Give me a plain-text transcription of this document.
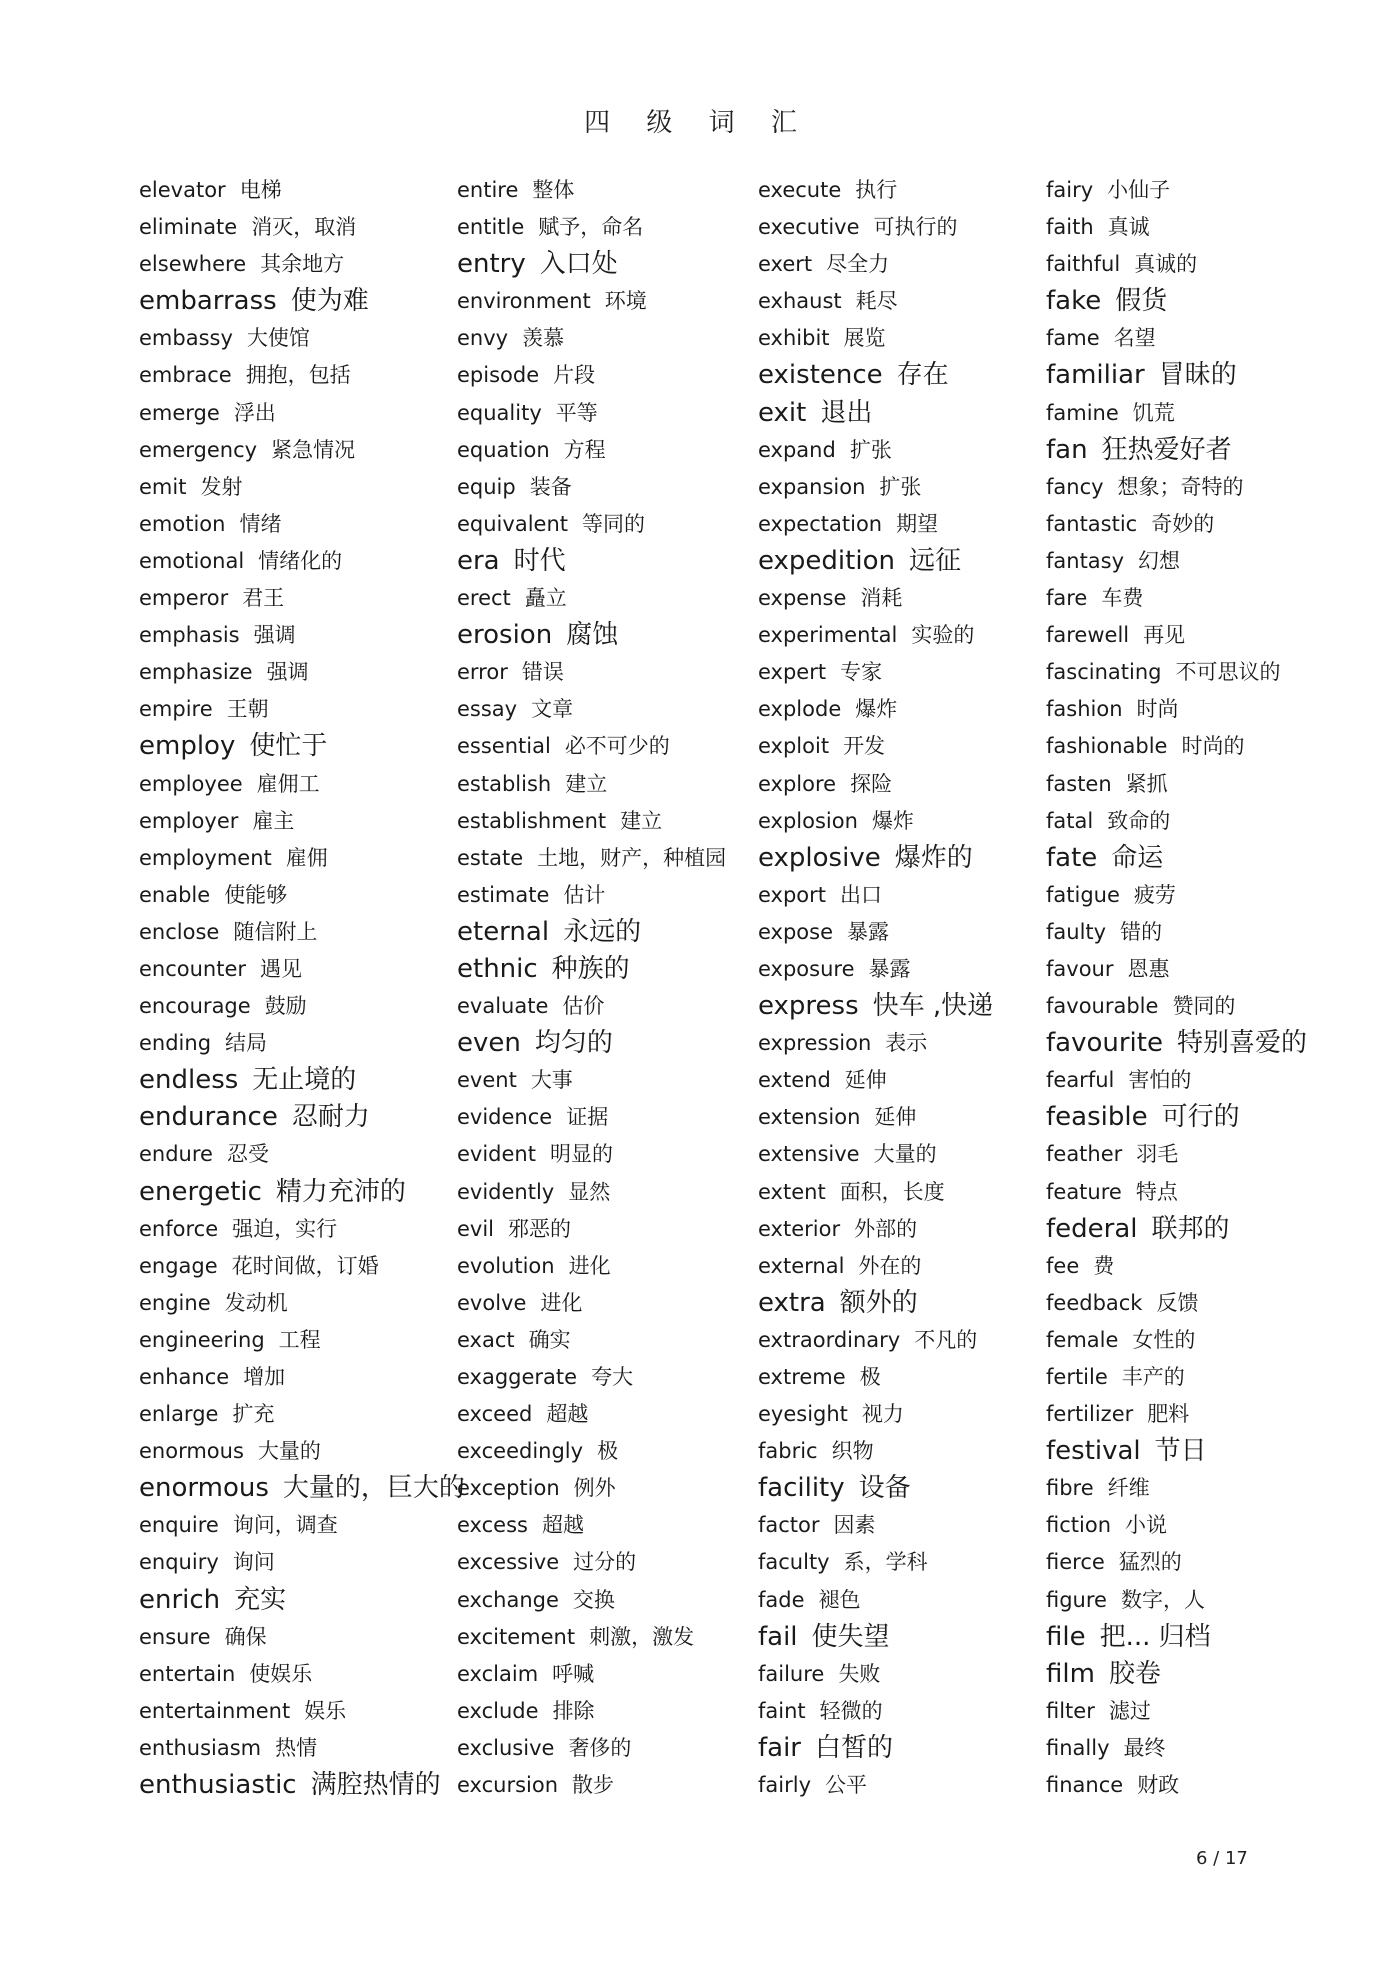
四 级 词 汇
elevator 电梯
eliminate 消灭，取消
elsewhere 其余地方
embarrass 使为难
embassy 大使馆
embrace 拥抱，包括
emerge 浮出
emergency 紧急情况
emit 发射
emotion 情绪
emotional 情绪化的
emperor 君王
emphasis 强调
emphasize 强调
empire 王朝
employ 使忙于
employee 雇佣工
employer 雇主
employment 雇佣
enable 使能够
enclose 随信附上
encounter 遇见
encourage 鼓励
ending 结局
endless 无止境的
endurance 忍耐力
endure 忍受
energetic 精力充沛的
enforce 强迫，实行
engage 花时间做，订婚
engine 发动机
engineering 工程
enhance 增加
enlarge 扩充
enormous 大量的
enormous 大量的，巨大的
enquire 询问，调查
enquiry 询问
enrich 充实
ensure 确保
entertain 使娱乐
entertainment 娱乐
enthusiasm 热情
enthusiastic 满腔热情的
entire 整体
entitle 赋予，命名
entry 入口处
environment 环境
envy 羡慕
episode 片段
equality 平等
equation 方程
equip 装备
equivalent 等同的
era 时代
erect 矗立
erosion 腐蚀
error 错误
essay 文章
essential 必不可少的
establish 建立
establishment 建立
estate 土地，财产，种植园
estimate 估计
eternal 永远的
ethnic 种族的
evaluate 估价
even 均匀的
event 大事
evidence 证据
evident 明显的
evidently 显然
evil 邪恶的
evolution 进化
evolve 进化
exact 确实
exaggerate 夸大
exceed 超越
exceedingly 极
exception 例外
excess 超越
excessive 过分的
exchange 交换
excitement 刺激，激发
exclaim 呼喊
exclude 排除
exclusive 奢侈的
excursion 散步
execute 执行
executive 可执行的
exert 尽全力
exhaust 耗尽
exhibit 展览
existence 存在
exit 退出
expand 扩张
expansion 扩张
expectation 期望
expedition 远征
expense 消耗
experimental 实验的
expert 专家
explode 爆炸
exploit 开发
explore 探险
explosion 爆炸
explosive 爆炸的
export 出口
expose 暴露
exposure 暴露
express 快车 ,快递
expression 表示
extend 延伸
extension 延伸
extensive 大量的
extent 面积，长度
exterior 外部的
external 外在的
extra 额外的
extraordinary 不凡的
extreme 极
eyesight 视力
fabric 织物
facility 设备
factor 因素
faculty 系，学科
fade 褪色
fail 使失望
failure 失败
faint 轻微的
fair 白皙的
fairly 公平
fairy 小仙子
faith 真诚
faithful 真诚的
fake 假货
fame 名望
familiar 冒昧的
famine 饥荒
fan 狂热爱好者
fancy 想象；奇特的
fantastic 奇妙的
fantasy 幻想
fare 车费
farewell 再见
fascinating 不可思议的
fashion 时尚
fashionable 时尚的
fasten 紧抓
fatal 致命的
fate 命运
fatigue 疲劳
faulty 错的
favour 恩惠
favourable 赞同的
favourite 特别喜爱的
fearful 害怕的
feasible 可行的
feather 羽毛
feature 特点
federal 联邦的
fee 费
feedback 反馈
female 女性的
fertile 丰产的
fertilizer 肥料
festival 节日
fibre 纤维
fiction 小说
fierce 猛烈的
figure 数字，人
file 把... 归档
film 胶卷
filter 滤过
finally 最终
finance 财政
6 / 17
